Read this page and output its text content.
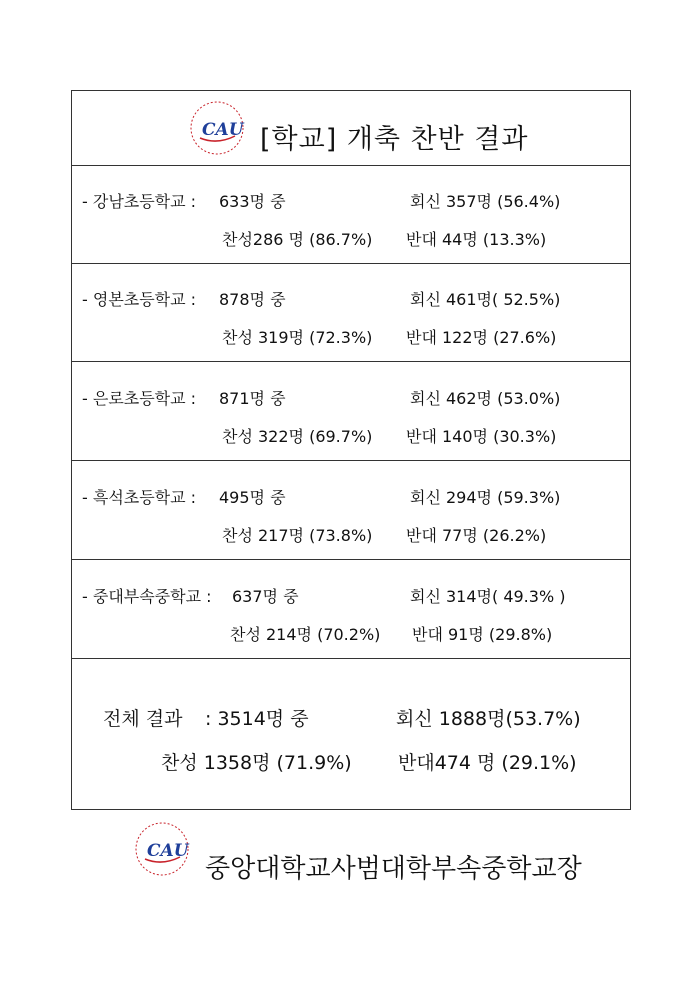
CAU [학교] 개축 찬반 결과
- 강남초등학교 : 633명 중	회신 357명 (56.4%)
찬성286 명 (86.7%) 반대 44명 (13.3%)
- 영본초등학교 : 878명 중	회신 461명( 52.5%)
찬성 319명 (72.3%) 반대 122명 (27.6%)
- 은로초등학교 : 871명 중	회신 462명 (53.0%)
찬성 322명 (69.7%) 반대 140명 (30.3%)
- 흑석초등학교 : 495명 중	회신 294명 (59.3%)
찬성 217명 (73.8%) 반대 77명 (26.2%)
- 중대부속중학교 : 637명 중	회신 314명( 49.3% )
찬성 214명 (70.2%) 반대 91명 (29.8%)
전체 결과 : 3514명 중	회신 1888명(53.7%)
찬성 1358명 (71.9%) 반대474 명 (29.1%)
CAU
중앙대학교사범대학부속중학교장
